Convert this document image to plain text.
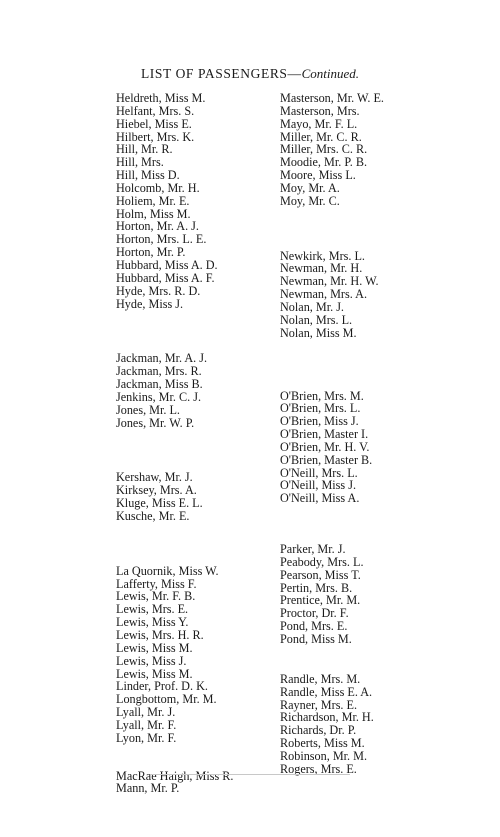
LIST OF PASSENGERS—Continued.
Heldreth, Miss M.
Helfant, Mrs. S.
Hiebel, Miss E.
Hilbert, Mrs. K.
Hill, Mr. R.
Hill, Mrs.
Hill, Miss D.
Holcomb, Mr. H.
Holiem, Mr. E.
Holm, Miss M.
Horton, Mr. A. J.
Horton, Mrs. L. E.
Horton, Mr. P.
Hubbard, Miss A. D.
Hubbard, Miss A. F.
Hyde, Mrs. R. D.
Hyde, Miss J.
Jackman, Mr. A. J.
Jackman, Mrs. R.
Jackman, Miss B.
Jenkins, Mr. C. J.
Jones, Mr. L.
Jones, Mr. W. P.
Kershaw, Mr. J.
Kirksey, Mrs. A.
Kluge, Miss E. L.
Kusche, Mr. E.
La Quornik, Miss W.
Lafferty, Miss F.
Lewis, Mr. F. B.
Lewis, Mrs. E.
Lewis, Miss Y.
Lewis, Mrs. H. R.
Lewis, Miss M.
Lewis, Miss J.
Lewis, Miss M.
Linder, Prof. D. K.
Longbottom, Mr. M.
Lyall, Mr. J.
Lyall, Mr. F.
Lyon, Mr. F.
MacRae Haigh, Miss R.
Mann, Mr. P.
Masterson, Mr. W. E.
Masterson, Mrs.
Mayo, Mr. F. L.
Miller, Mr. C. R.
Miller, Mrs. C. R.
Moodie, Mr. P. B.
Moore, Miss L.
Moy, Mr. A.
Moy, Mr. C.
Newkirk, Mrs. L.
Newman, Mr. H.
Newman, Mr. H. W.
Newman, Mrs. A.
Nolan, Mr. J.
Nolan, Mrs. L.
Nolan, Miss M.
O'Brien, Mrs. M.
O'Brien, Mrs. L.
O'Brien, Miss J.
O'Brien, Master I.
O'Brien, Mr. H. V.
O'Brien, Master B.
O'Neill, Mrs. L.
O'Neill, Miss J.
O'Neill, Miss A.
Parker, Mr. J.
Peabody, Mrs. L.
Pearson, Miss T.
Pertin, Mrs. B.
Prentice, Mr. M.
Proctor, Dr. F.
Pond, Mrs. E.
Pond, Miss M.
Randle, Mrs. M.
Randle, Miss E. A.
Rayner, Mrs. E.
Richardson, Mr. H.
Richards, Dr. P.
Roberts, Miss M.
Robinson, Mr. M.
Rogers, Mrs. E.
